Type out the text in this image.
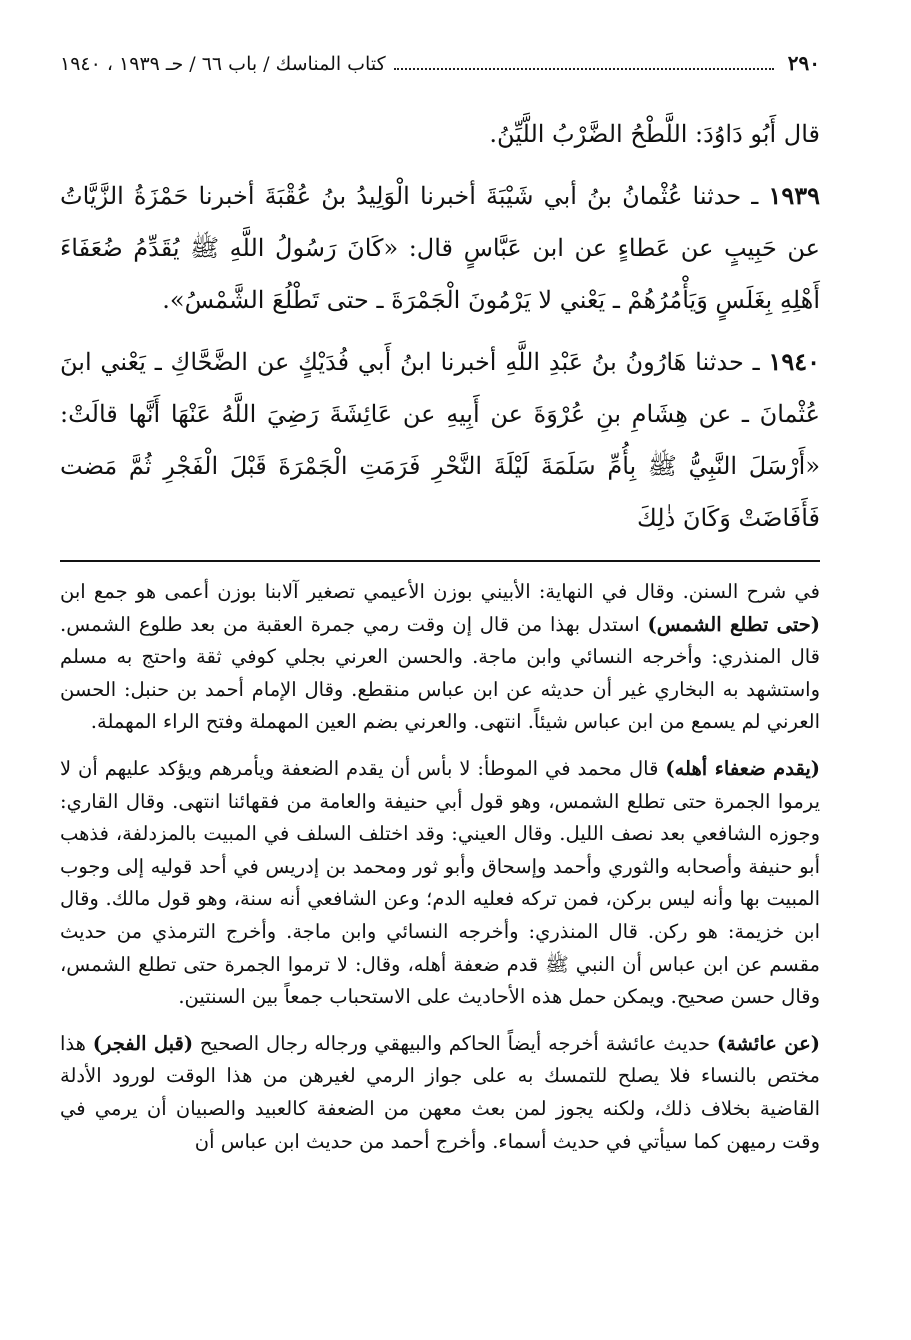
٢٩٠
كتاب المناسك / باب ٦٦ / حـ ١٩٣٩ ، ١٩٤٠

قال أَبُو دَاوُدَ: اللَّطْحُ الضَّرْبُ اللَّيِّنُ.

١٩٣٩ ـ حدثنا عُثْمانُ بنُ أبي شَيْبَةَ أخبرنا الْوَلِيدُ بنُ عُقْبَةَ أخبرنا حَمْزَةُ الزَّيَّاتُ عن حَبِيبٍ عن عَطاءٍ عن ابن عَبَّاسٍ قال: «كَانَ رَسُولُ اللَّهِ ﷺ يُقَدِّمُ ضُعَفَاءَ أَهْلِهِ بِغَلَسٍ وَيَأْمُرُهُمْ ـ يَعْني لا يَرْمُونَ الْجَمْرَةَ ـ حتى تَطْلُعَ الشَّمْسُ».

١٩٤٠ ـ حدثنا هَارُونُ بنُ عَبْدِ اللَّهِ أخبرنا ابنُ أَبي فُدَيْكٍ عن الضَّحَّاكِ ـ يَعْني ابنَ عُثْمانَ ـ عن هِشَامِ بنِ عُرْوَةَ عن أَبِيهِ عن عَائِشَةَ رَضِيَ اللَّهُ عَنْهَا أَنَّها قالَتْ: «أَرْسَلَ النَّبِيُّ ﷺ بِأُمِّ سَلَمَةَ لَيْلَةَ النَّحْرِ فَرَمَتِ الْجَمْرَةَ قَبْلَ الْفَجْرِ ثُمَّ مَضت فَأَفَاضَتْ وَكَانَ ذٰلِكَ

في شرح السنن. وقال في النهاية: الأبيني بوزن الأعيمي تصغير آلابنا بوزن أعمى هو جمع ابن (حتى تطلع الشمس) استدل بهذا من قال إن وقت رمي جمرة العقبة من بعد طلوع الشمس. قال المنذري: وأخرجه النسائي وابن ماجة. والحسن العرني بجلي كوفي ثقة واحتج به مسلم واستشهد به البخاري غير أن حديثه عن ابن عباس منقطع. وقال الإمام أحمد بن حنبل: الحسن العرني لم يسمع من ابن عباس شيئاً. انتهى. والعرني بضم العين المهملة وفتح الراء المهملة.

(يقدم ضعفاء أهله) قال محمد في الموطأ: لا بأس أن يقدم الضعفة ويأمرهم ويؤكد عليهم أن لا يرموا الجمرة حتى تطلع الشمس، وهو قول أبي حنيفة والعامة من فقهائنا انتهى. وقال القاري: وجوزه الشافعي بعد نصف الليل. وقال العيني: وقد اختلف السلف في المبيت بالمزدلفة، فذهب أبو حنيفة وأصحابه والثوري وأحمد وإسحاق وأبو ثور ومحمد بن إدريس في أحد قوليه إلى وجوب المبيت بها وأنه ليس بركن، فمن تركه فعليه الدم؛ وعن الشافعي أنه سنة، وهو قول مالك. وقال ابن خزيمة: هو ركن. قال المنذري: وأخرجه النسائي وابن ماجة. وأخرج الترمذي من حديث مقسم عن ابن عباس أن النبي ﷺ قدم ضعفة أهله، وقال: لا ترموا الجمرة حتى تطلع الشمس، وقال حسن صحيح. ويمكن حمل هذه الأحاديث على الاستحباب جمعاً بين السنتين.

(عن عائشة) حديث عائشة أخرجه أيضاً الحاكم والبيهقي ورجاله رجال الصحيح (قبل الفجر) هذا مختص بالنساء فلا يصلح للتمسك به على جواز الرمي لغيرهن من هذا الوقت لورود الأدلة القاضية بخلاف ذلك، ولكنه يجوز لمن بعث معهن من الضعفة كالعبيد والصبيان أن يرمي في وقت رميهن كما سيأتي في حديث أسماء. وأخرج أحمد من حديث ابن عباس أن
